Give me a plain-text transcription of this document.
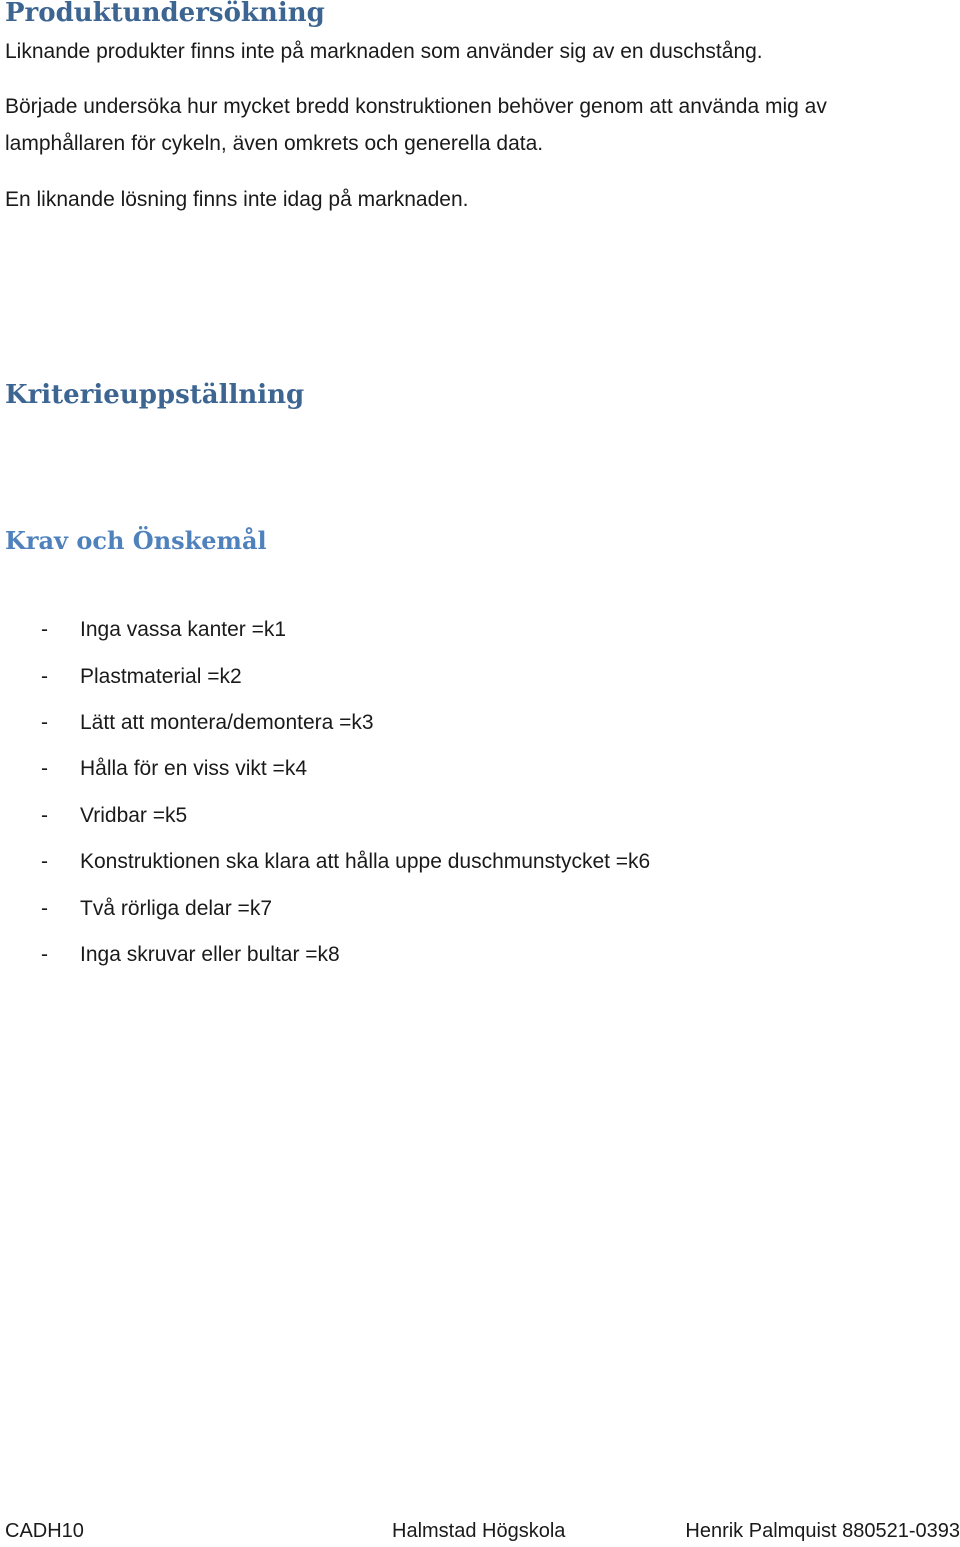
Produktundersökning

Liknande produkter finns inte på marknaden som använder sig av en duschstång.

Började undersöka hur mycket bredd konstruktionen behöver genom att använda mig av

lamphållaren för cykeln, även omkrets och generella data.

En liknande lösning finns inte idag på marknaden.

Kriterieuppställning
Krav och Önskemål
- Inga vassa kanter =k1
- Plastmaterial =k2
- Lätt att montera/demontera =k3
- Hålla för en viss vikt =k4
- Vridbar =k5
- Konstruktionen ska klara att hålla uppe duschmunstycket =k6
- Två rörliga delar =k7
- Inga skruvar eller bultar =k8
CADH10	Halmstad Högskola	Henrik Palmquist 880521-0393
